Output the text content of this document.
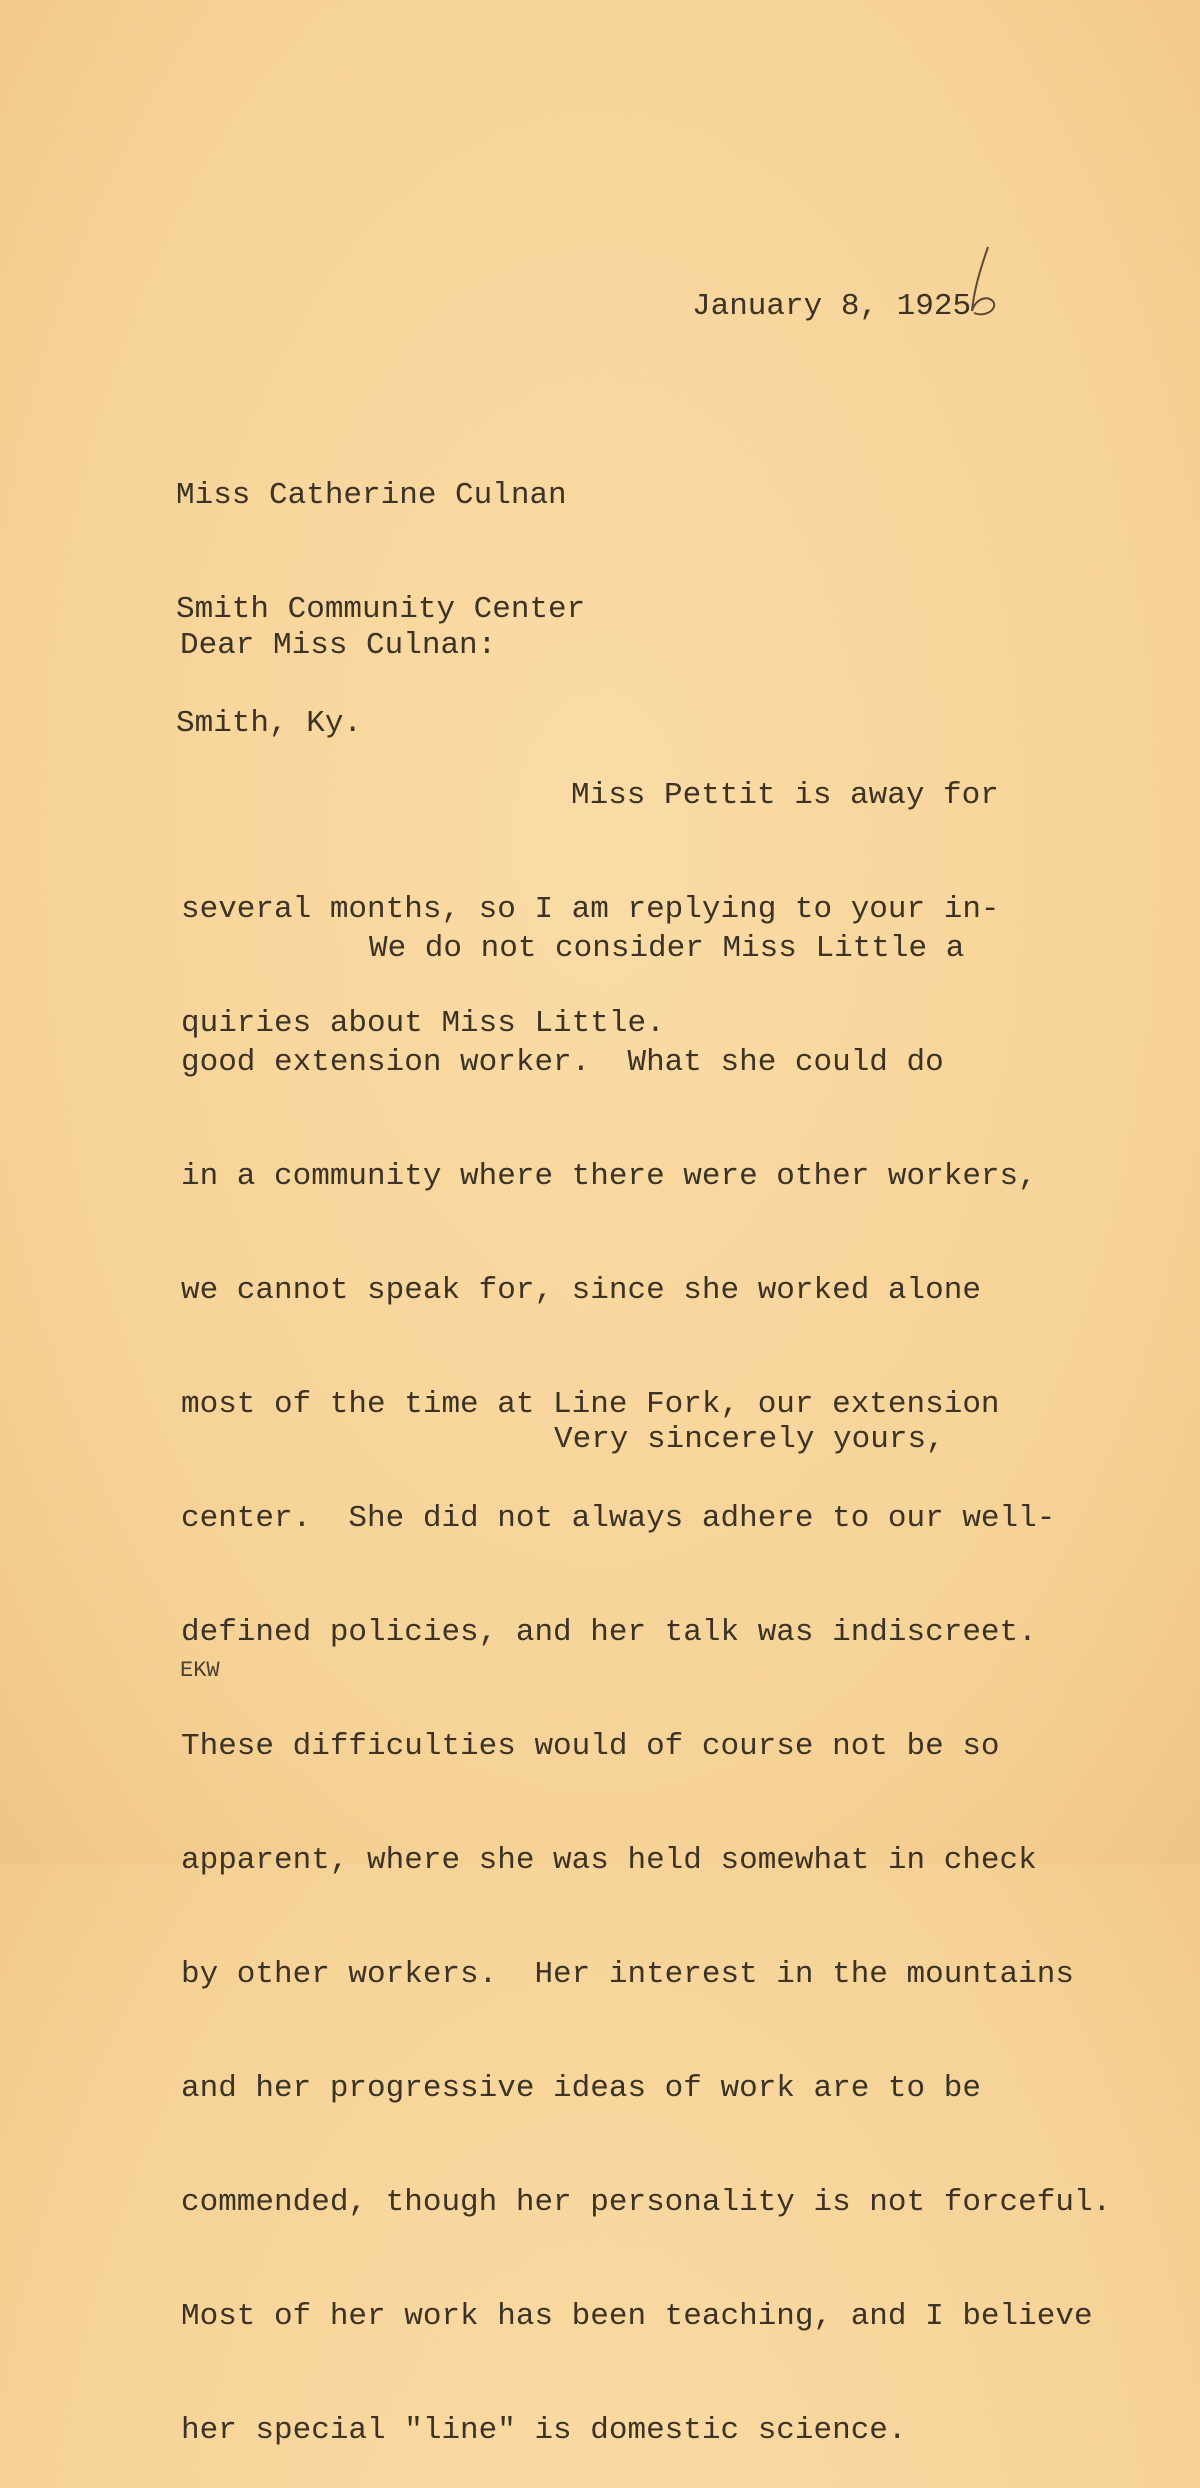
January 8, 1925

Miss Catherine Culnan

Smith Community Center

Smith, Ky.

Dear Miss Culnan:

Miss Pettit is away for

several months, so I am replying to your in-

quiries about Miss Little.

We do not consider Miss Little a

good extension worker.  What she could do

in a community where there were other workers,

we cannot speak for, since she worked alone

most of the time at Line Fork, our extension

center.  She did not always adhere to our well-

defined policies, and her talk was indiscreet.

These difficulties would of course not be so

apparent, where she was held somewhat in check

by other workers.  Her interest in the mountains

and her progressive ideas of work are to be

commended, though her personality is not forceful.

Most of her work has been teaching, and I believe

her special "line" is domestic science.

Very sincerely yours,
EKW
